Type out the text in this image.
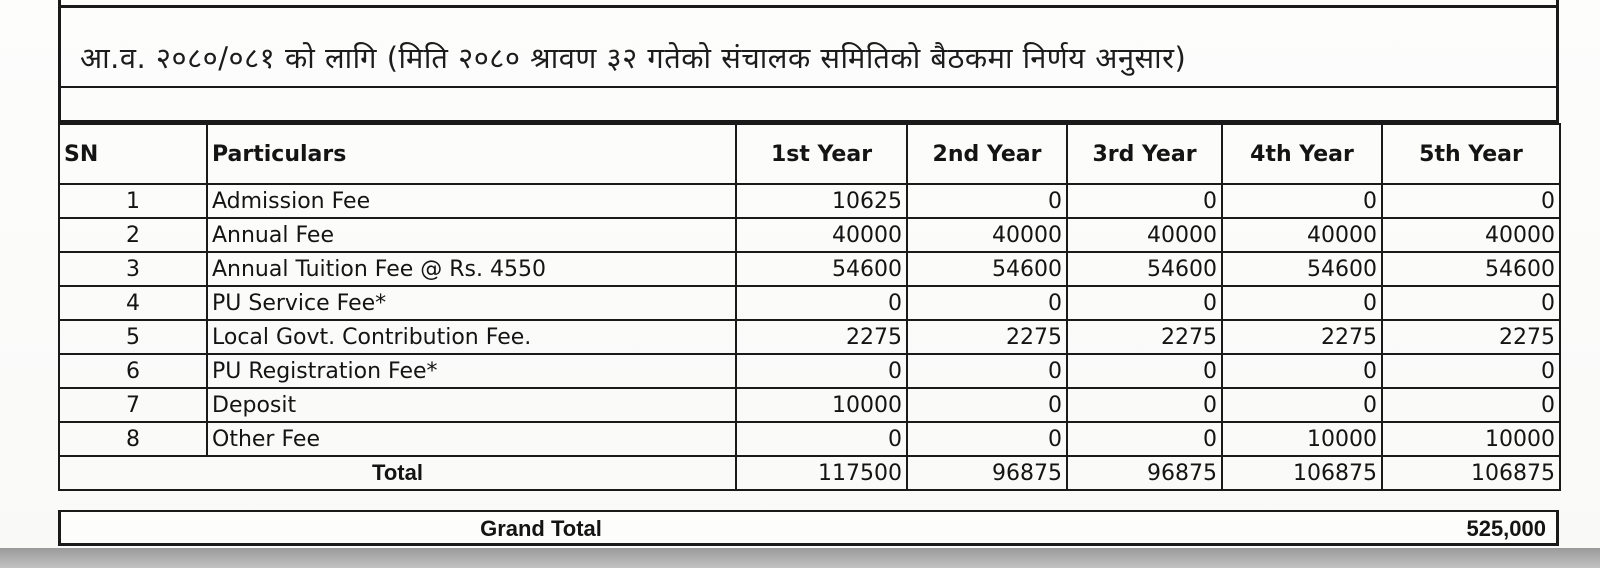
आ.व. २०८०/०८१ को लागि (मिति २०८० श्रावण ३२ गतेको संचालक समितिको बैठकमा निर्णय अनुसार)
SN	Particulars	1st Year	2nd Year	3rd Year	4th Year	5th Year
1	Admission Fee	10625	0	0	0	0
2	Annual Fee	40000	40000	40000	40000	40000
3	Annual Tuition Fee @ Rs. 4550	54600	54600	54600	54600	54600
4	PU Service Fee*	0	0	0	0	0
5	Local Govt. Contribution Fee.	2275	2275	2275	2275	2275
6	PU Registration Fee*	0	0	0	0	0
7	Deposit	10000	0	0	0	0
8	Other Fee	0	0	0	10000	10000
Total		117500	96875	96875	106875	106875
Grand Total	525,000
